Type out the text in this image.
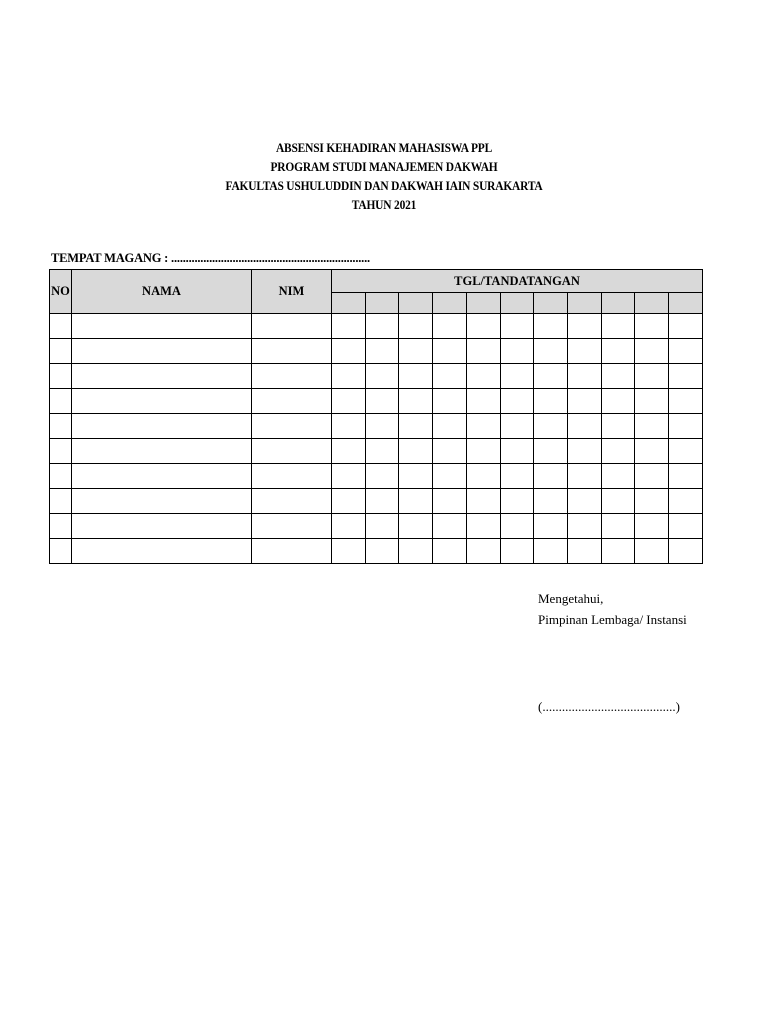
ABSENSI KEHADIRAN MAHASISWA PPL
PROGRAM STUDI MANAJEMEN DAKWAH
FAKULTAS USHULUDDIN DAN DAKWAH IAIN SURAKARTA
TAHUN 2021
TEMPAT MAGANG : ....................................................................
NO	NAMA	NIM	TGL/TANDATANGAN										

Mengetahui,
Pimpinan Lembaga/ Instansi
(.........................................)
